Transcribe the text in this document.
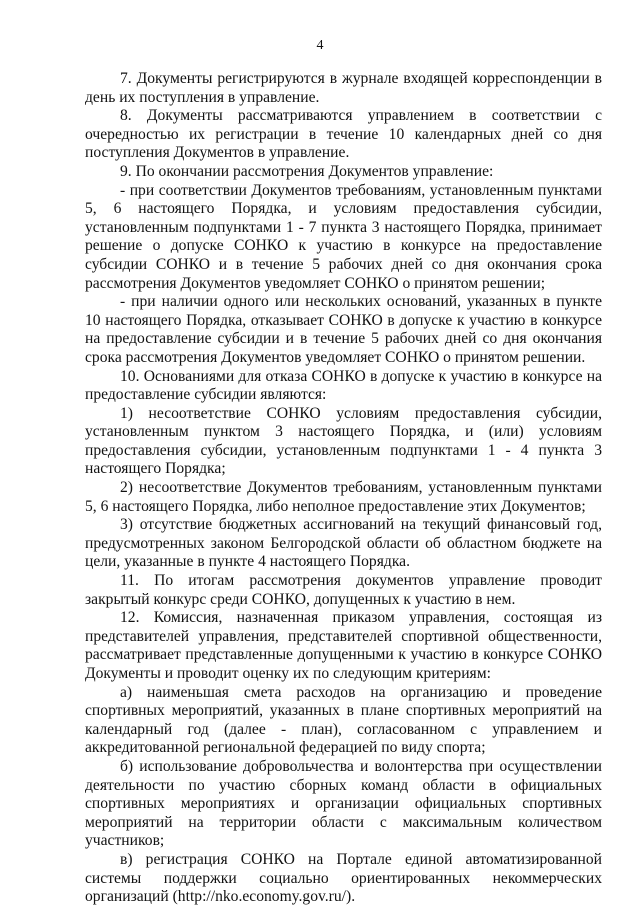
4

7. Документы регистрируются в журнале входящей корреспонденции в день их поступления в управление.

8. Документы рассматриваются управлением в соответствии с очередностью их регистрации в течение 10 календарных дней со дня поступления Документов в управление.

9. По окончании рассмотрения Документов управление:

- при соответствии Документов требованиям, установленным пунктами 5, 6 настоящего Порядка, и условиям предоставления субсидии, установленным подпунктами 1 - 7 пункта 3 настоящего Порядка, принимает решение о допуске СОНКО к участию в конкурсе на предоставление субсидии СОНКО и в течение 5 рабочих дней со дня окончания срока рассмотрения Документов уведомляет СОНКО о принятом решении;

- при наличии одного или нескольких оснований, указанных в пункте 10 настоящего Порядка, отказывает СОНКО в допуске к участию в конкурсе на предоставление субсидии и в течение 5 рабочих дней со дня окончания срока рассмотрения Документов уведомляет СОНКО о принятом решении.

10. Основаниями для отказа СОНКО в допуске к участию в конкурсе на предоставление субсидии являются:

1) несоответствие СОНКО условиям предоставления субсидии, установленным пунктом 3 настоящего Порядка, и (или) условиям предоставления субсидии, установленным подпунктами 1 - 4 пункта 3 настоящего Порядка;

2) несоответствие Документов требованиям, установленным пунктами 5, 6 настоящего Порядка, либо неполное предоставление этих Документов;

3) отсутствие бюджетных ассигнований на текущий финансовый год, предусмотренных законом Белгородской области об областном бюджете на цели, указанные в пункте 4 настоящего Порядка.

11. По итогам рассмотрения документов управление проводит закрытый конкурс среди СОНКО, допущенных к участию в нем.

12. Комиссия, назначенная приказом управления, состоящая из представителей управления, представителей спортивной общественности, рассматривает представленные допущенными к участию в конкурсе СОНКО Документы и проводит оценку их по следующим критериям:

а) наименьшая смета расходов на организацию и проведение спортивных мероприятий, указанных в плане спортивных мероприятий на календарный год (далее - план), согласованном с управлением и аккредитованной региональной федерацией по виду спорта;

б) использование добровольчества и волонтерства при осуществлении деятельности по участию сборных команд области в официальных спортивных мероприятиях и организации официальных спортивных мероприятий на территории области с максимальным количеством участников;

в) регистрация СОНКО на Портале единой автоматизированной системы поддержки социально ориентированных некоммерческих организаций (http://nko.economy.gov.ru/).
